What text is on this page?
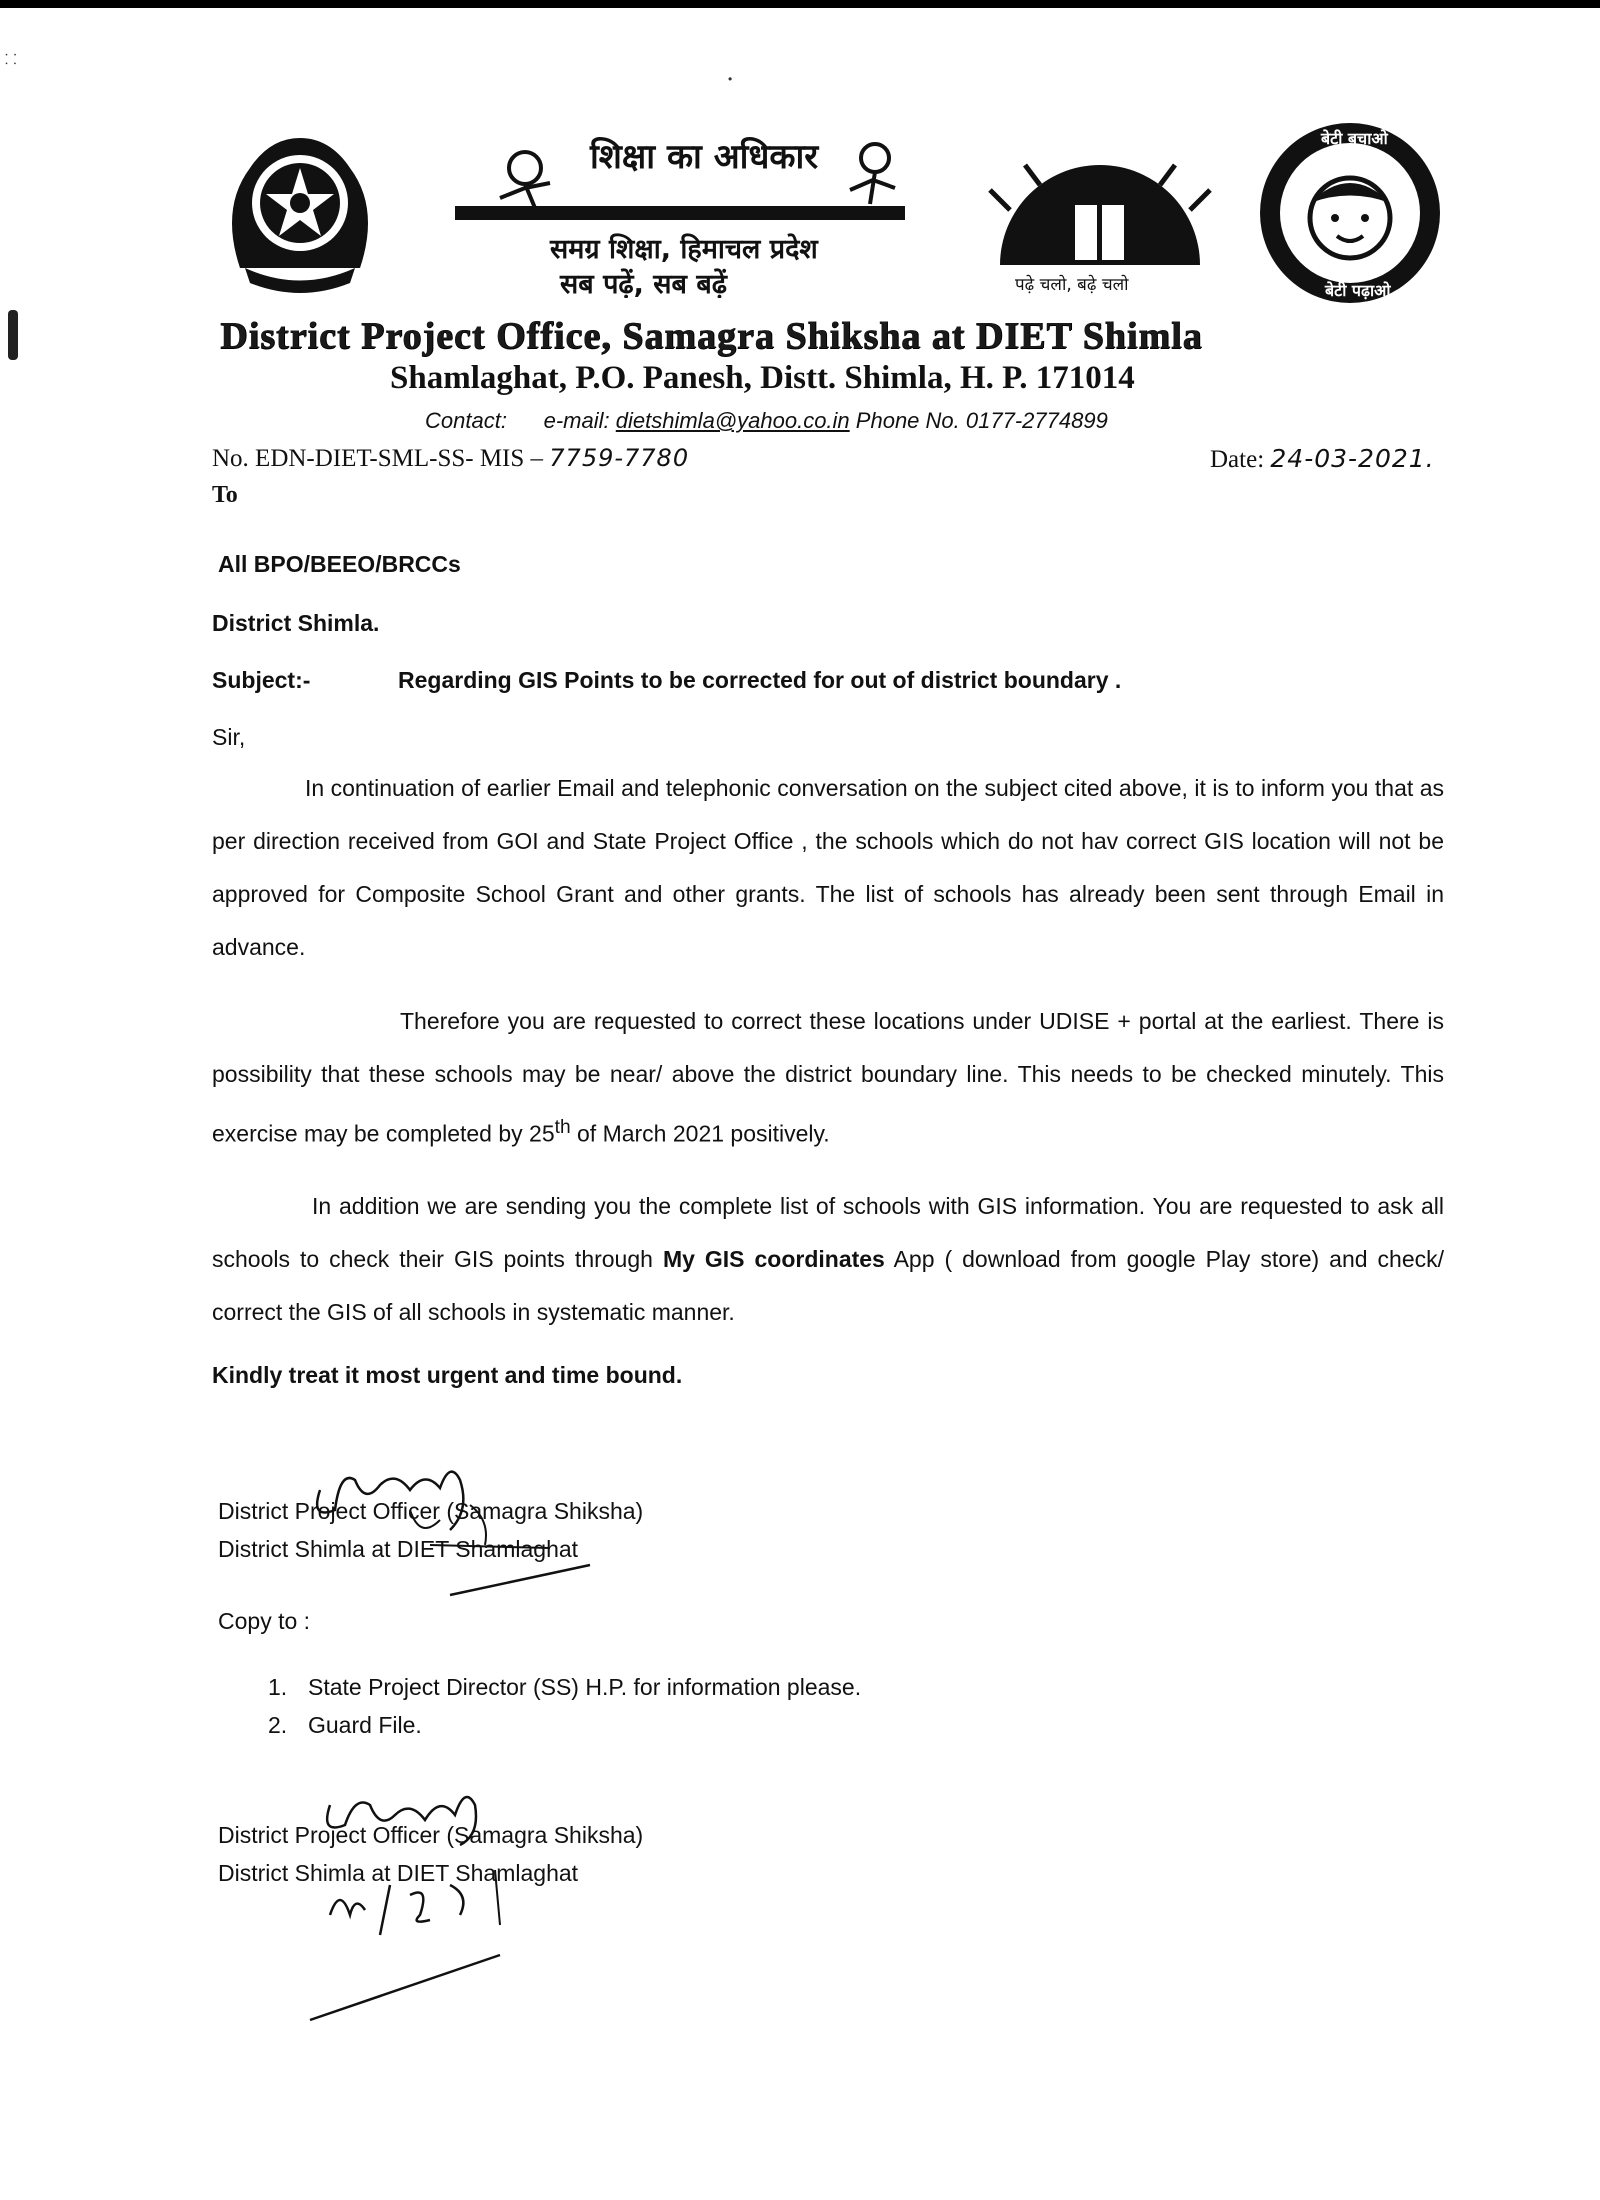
शिक्षा का अधिकार
समग्र शिक्षा, हिमाचल प्रदेश
सब पढ़ें, सब बढ़ें	पढ़े चलो, बढ़े चलो
बेटी बचाओ
बेटी पढ़ाओ
District Project Office, Samagra Shiksha at DIET Shimla
Shamlaghat, P.O. Panesh, Distt. Shimla, H. P. 171014
Contact: e-mail: dietshimla@yahoo.co.in Phone No. 0177-2774899
No. EDN-DIET-SML-SS- MIS – 7759-7780	Date: 24-03-2021.
To
All BPO/BEEO/BRCCs
District Shimla.
Subject:-	Regarding GIS Points to be corrected for out of district boundary .
Sir,
In continuation of earlier Email and telephonic conversation on the subject cited above, it is to inform you that as per direction received from GOI and State Project Office , the schools which do not hav correct GIS location will not be approved for Composite School Grant and other grants. The list of schools has already been sent through Email in advance.
Therefore you are requested to correct these locations under UDISE + portal at the earliest. There is possibility that these schools may be near/ above the district boundary line. This needs to be checked minutely. This exercise may be completed by 25th of March 2021 positively.
In addition we are sending you the complete list of schools with GIS information. You are requested to ask all schools to check their GIS points through My GIS coordinates App ( download from google Play store) and check/ correct the GIS of all schools in systematic manner.
Kindly treat it most urgent and time bound.
District Project Officer (Samagra Shiksha)
District Shimla at DIET Shamlaghat
Copy to :
1. State Project Director (SS) H.P. for information please.
2. Guard File.
District Project Officer (Samagra Shiksha)
District Shimla at DIET Shamlaghat
⸬
•
